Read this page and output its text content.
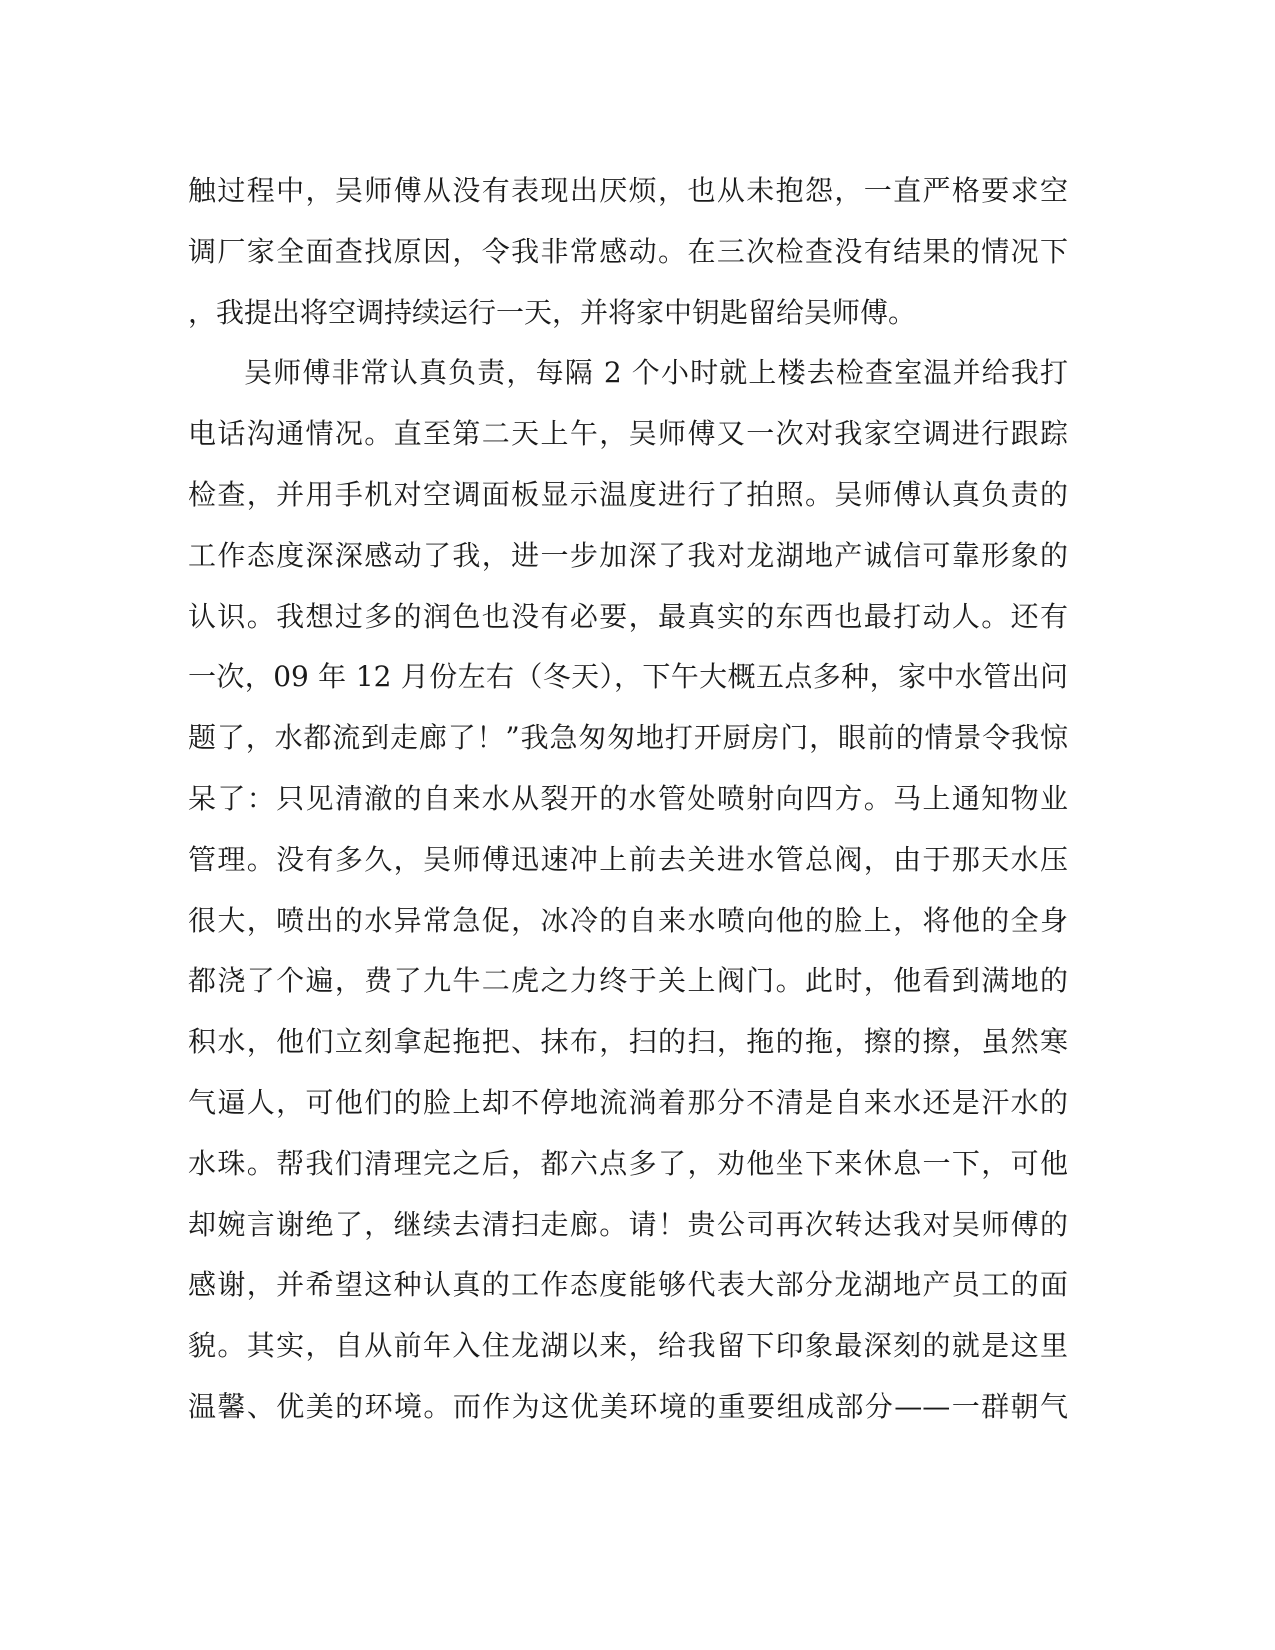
触过程中，吴师傅从没有表现出厌烦，也从未抱怨，一直严格要求空
调厂家全面查找原因，令我非常感动。在三次检查没有结果的情况下
，我提出将空调持续运行一天，并将家中钥匙留给吴师傅。
吴师傅非常认真负责，每隔 2 个小时就上楼去检查室温并给我打
电话沟通情况。直至第二天上午，吴师傅又一次对我家空调进行跟踪
检查，并用手机对空调面板显示温度进行了拍照。吴师傅认真负责的
工作态度深深感动了我，进一步加深了我对龙湖地产诚信可靠形象的
认识。我想过多的润色也没有必要，最真实的东西也最打动人。还有
一次，09 年 12 月份左右（冬天），下午大概五点多种，家中水管出问
题了，水都流到走廊了！”我急匆匆地打开厨房门，眼前的情景令我惊
呆了：只见清澈的自来水从裂开的水管处喷射向四方。马上通知物业
管理。没有多久，吴师傅迅速冲上前去关进水管总阀，由于那天水压
很大，喷出的水异常急促，冰冷的自来水喷向他的脸上，将他的全身
都浇了个遍，费了九牛二虎之力终于关上阀门。此时，他看到满地的
积水，他们立刻拿起拖把、抹布，扫的扫，拖的拖，擦的擦，虽然寒
气逼人，可他们的脸上却不停地流淌着那分不清是自来水还是汗水的
水珠。帮我们清理完之后，都六点多了，劝他坐下来休息一下，可他
却婉言谢绝了，继续去清扫走廊。请！贵公司再次转达我对吴师傅的
感谢，并希望这种认真的工作态度能够代表大部分龙湖地产员工的面
貌。其实，自从前年入住龙湖以来，给我留下印象最深刻的就是这里
温馨、优美的环境。而作为这优美环境的重要组成部分——一群朝气
